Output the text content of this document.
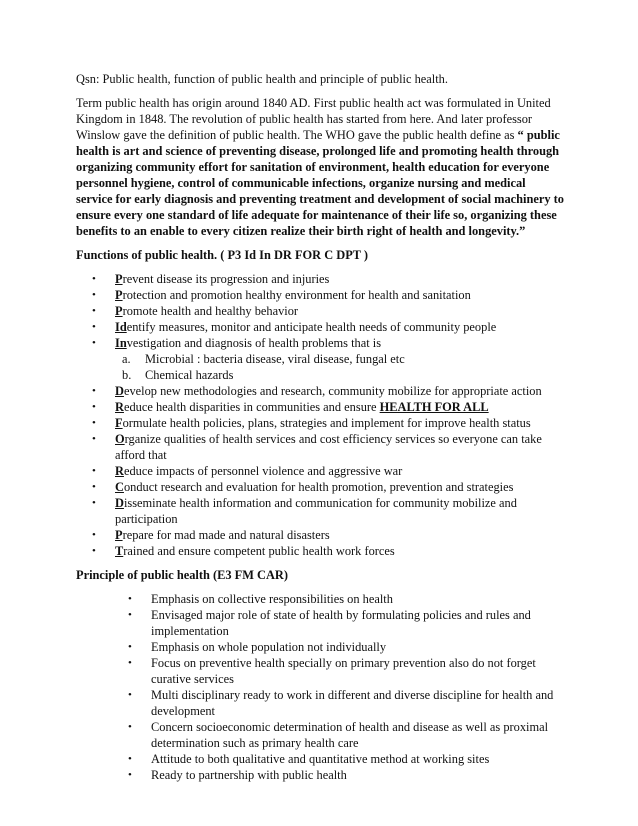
Qsn: Public health, function of public health and principle of public health.

Term public health has origin around 1840 AD. First public health act was formulated in United Kingdom in 1848. The revolution of public health has started from here. And later professor Winslow gave the definition of public health. The WHO gave the public health define as “ public health is art and science of preventing disease, prolonged life and promoting health through organizing community effort for sanitation of environment, health education for everyone personnel hygiene, control of communicable infections, organize nursing and medical service for early diagnosis and preventing treatment and development of social machinery to ensure every one standard of life adequate for maintenance of their life so, organizing these benefits to an enable to every citizen realize their birth right of health and longevity.”

Functions of public health. ( P3 Id In DR FOR C DPT )
• Prevent disease its progression and injuries
• Protection and promotion healthy environment for health and sanitation
• Promote health and healthy behavior
• Identify measures, monitor and anticipate health needs of community people
• Investigation and diagnosis of health problems that is
a. Microbial : bacteria disease, viral disease, fungal etc
b. Chemical hazards
• Develop new methodologies and research, community mobilize for appropriate action
• Reduce health disparities in communities and ensure HEALTH FOR ALL
• Formulate health policies, plans, strategies and implement for improve health status
• Organize qualities of health services and cost efficiency services so everyone can take afford that
• Reduce impacts of personnel violence and aggressive war
• Conduct research and evaluation for health promotion, prevention and strategies
• Disseminate health information and communication for community mobilize and participation
• Prepare for mad made and natural disasters
• Trained and ensure competent public health work forces
Principle of public health (E3 FM CAR)
• Emphasis on collective responsibilities on health
• Envisaged major role of state of health by formulating policies and rules and implementation
• Emphasis on whole population not individually
• Focus on preventive health specially on primary prevention also do not forget curative services
• Multi disciplinary ready to work in different and diverse discipline for health and development
• Concern socioeconomic determination of health and disease as well as proximal determination such as primary health care
• Attitude to both qualitative and quantitative method at working sites
• Ready to partnership with public health
